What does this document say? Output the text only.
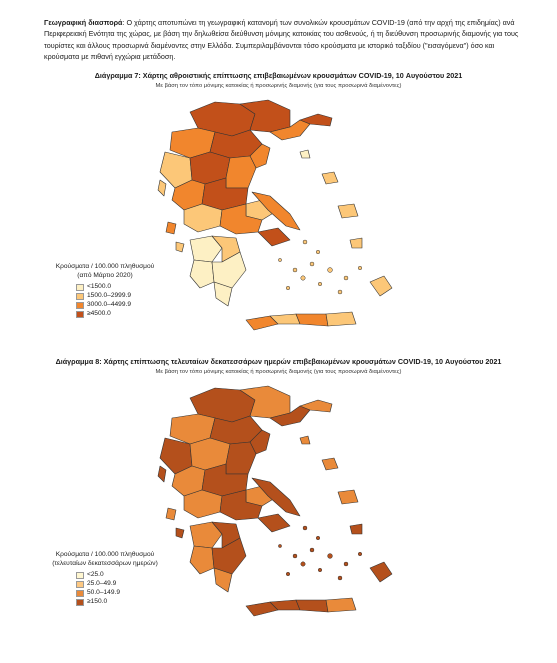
Γεωγραφική διασπορά: Ο χάρτης αποτυπώνει τη γεωγραφική κατανομή των συνολικών κρουσμάτων COVID-19 (από την αρχή της επιδημίας) ανά Περιφερειακή Ενότητα της χώρας, με βάση την δηλωθείσα διεύθυνση μόνιμης κατοικίας του ασθενούς, ή τη διεύθυνση προσωρινής διαμονής για τους τουρίστες και άλλους προσωρινά διαμένοντες στην Ελλάδα. Συμπεριλαμβάνονται τόσο κρούσματα με ιστορικό ταξιδίου ("εισαγόμενα") όσο και κρούσματα με πιθανή εγχώρια μετάδοση.
Διάγραμμα 7: Χάρτης αθροιστικής επίπτωσης επιβεβαιωμένων κρουσμάτων COVID-19, 10 Αυγούστου 2021
Με βάση τον τόπο μόνιμης κατοικίας ή προσωρινής διαμονής (για τους προσωρινά διαμένοντες)
Κρούσματα / 100.000 πληθυσμού
(από Μάρτιο 2020)
<1500.0
1500.0–2999.9
3000.0–4499.9
≥4500.0
Διάγραμμα 8: Χάρτης επίπτωσης τελευταίων δεκατεσσάρων ημερών επιβεβαιωμένων κρουσμάτων COVID-19, 10 Αυγούστου 2021
Με βάση τον τόπο μόνιμης κατοικίας ή προσωρινής διαμονής (για τους προσωρινά διαμένοντες)
Κρούσματα / 100.000 πληθυσμού
(τελευταίων δεκατεσσάρων ημερών)
<25.0
25.0–49.9
50.0–149.9
≥150.0
